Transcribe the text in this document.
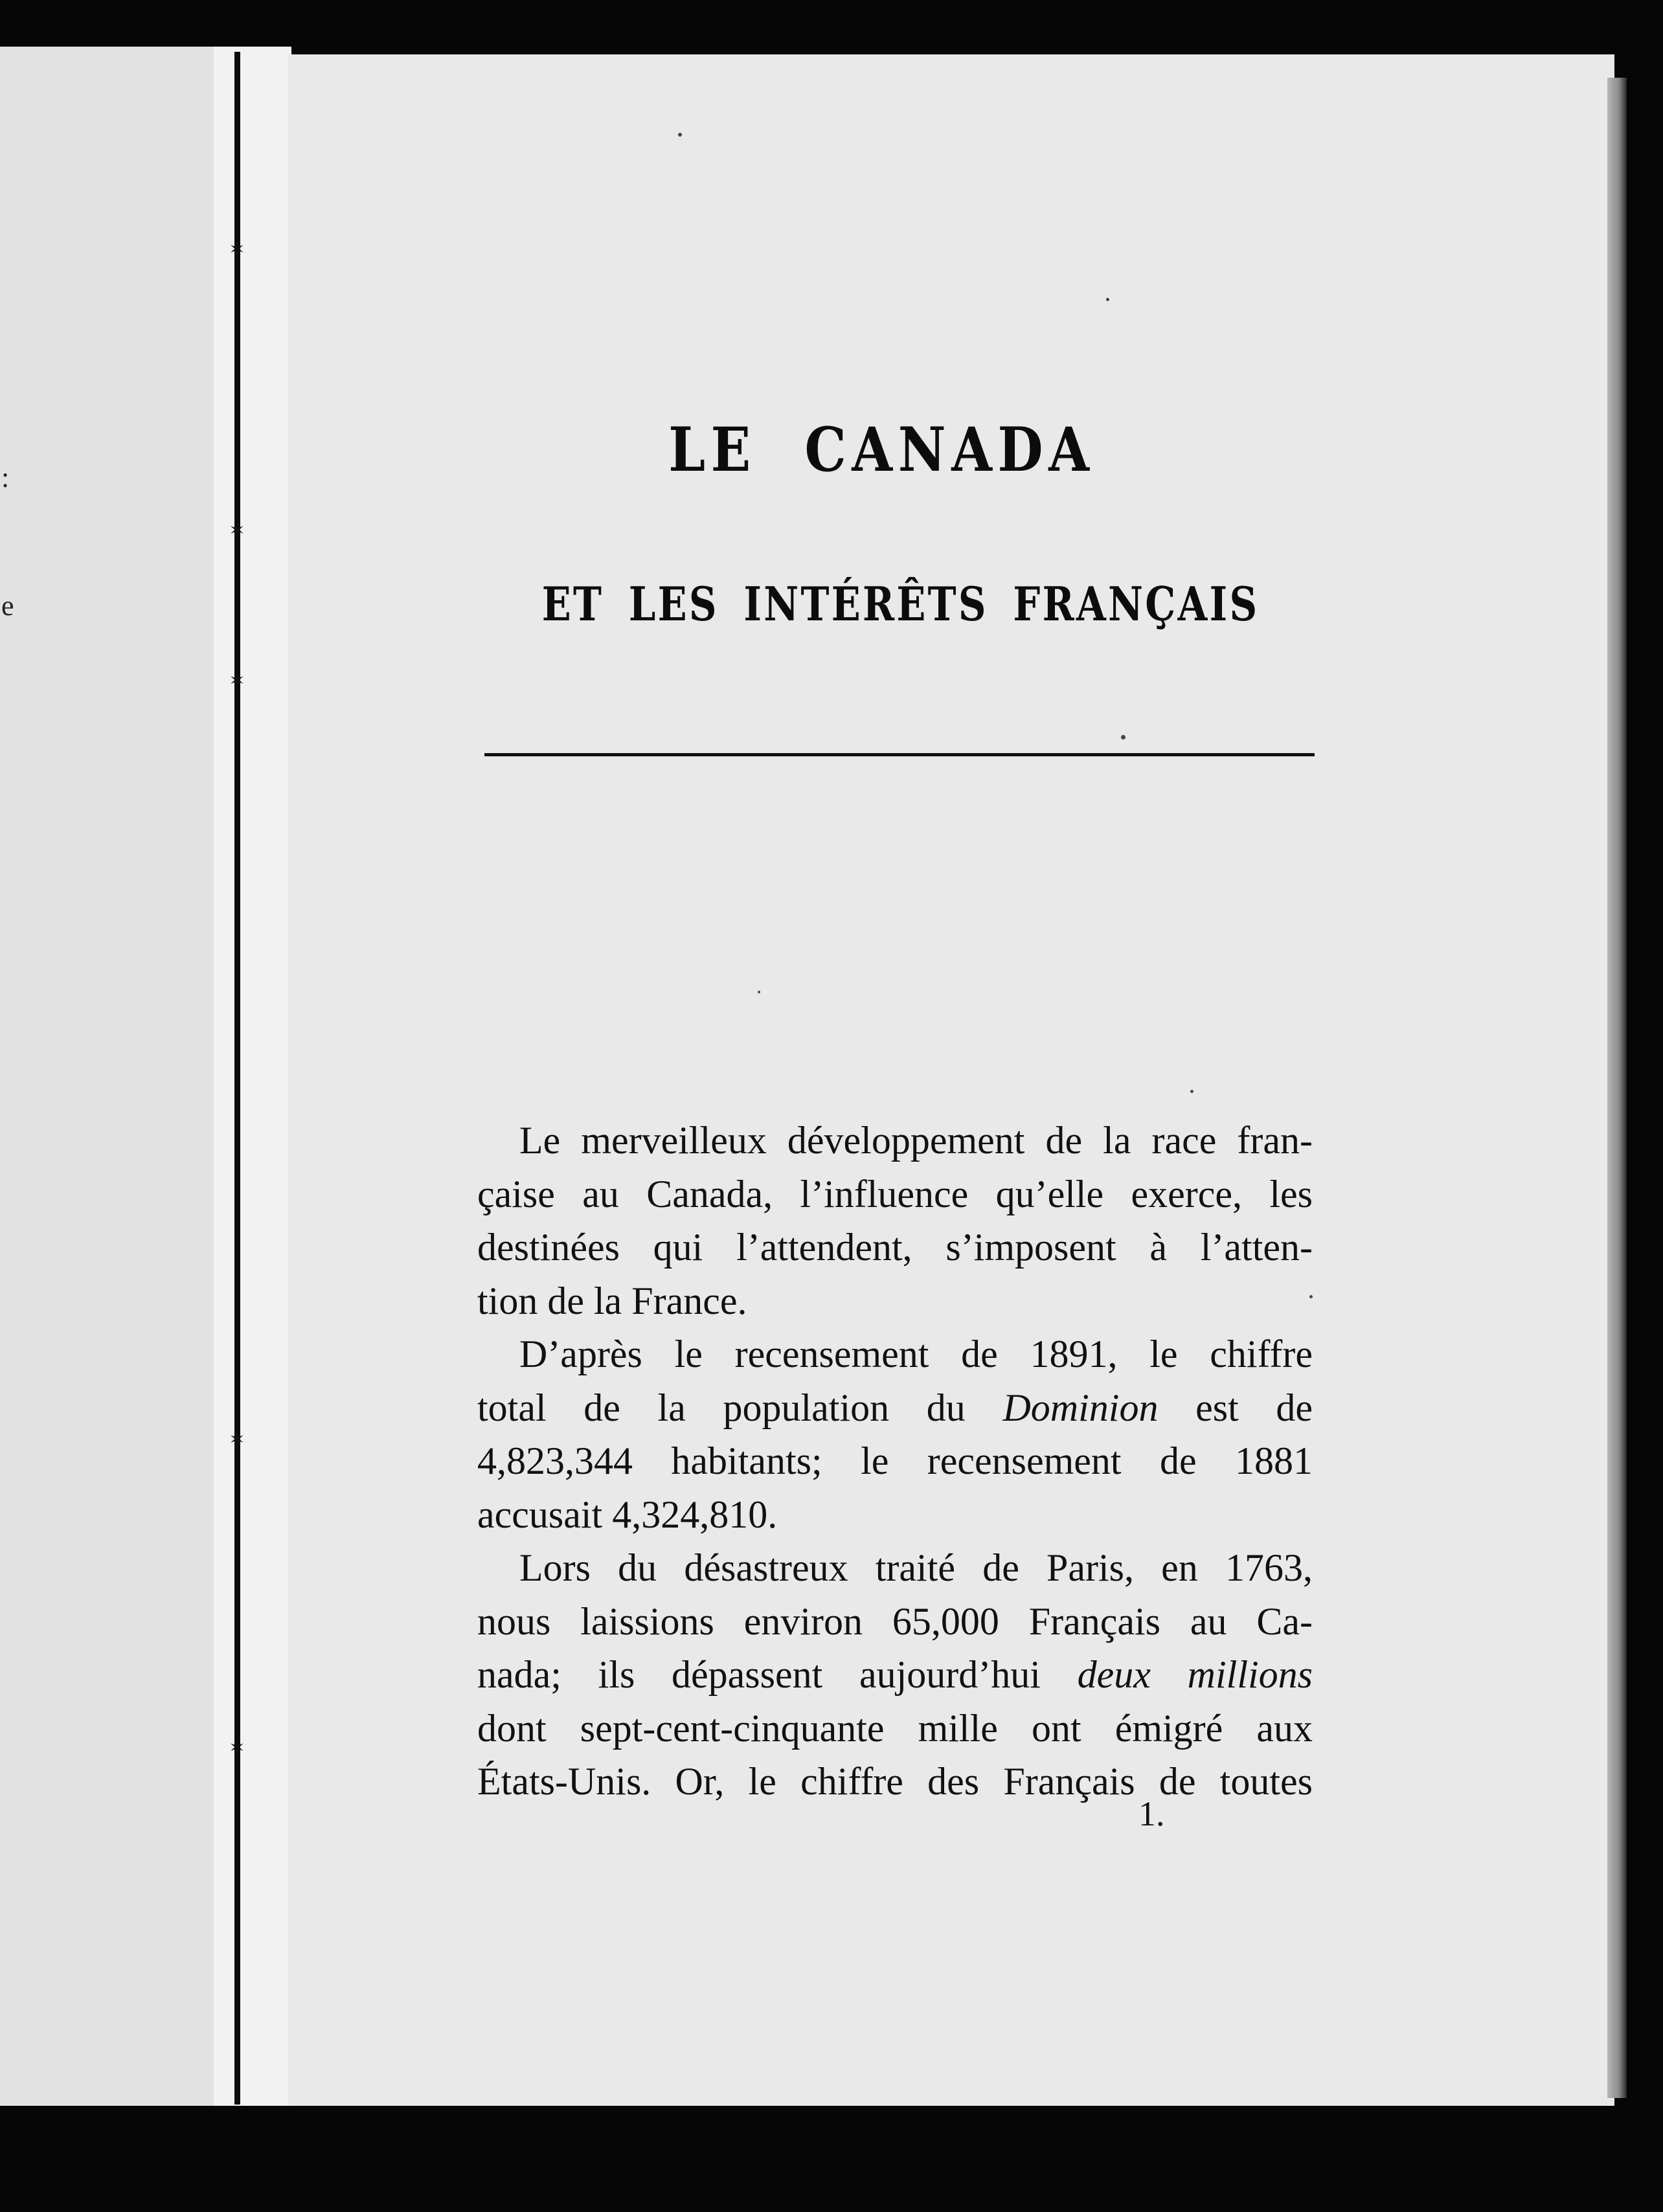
:
e
✶
✶
✶
✶
✶
LE CANADA
ET LES INTÉRÊTS FRANÇAIS
Le merveilleux développement de la race fran-
çaise au Canada, l’influence qu’elle exerce, les
destinées qui l’attendent, s’imposent à l’atten-
tion de la France.
D’après le recensement de 1891, le chiffre
total de la population du Dominion est de
4,823,344 habitants; le recensement de 1881
accusait 4,324,810.
Lors du désastreux traité de Paris, en 1763,
nous laissions environ 65,000 Français au Ca-
nada; ils dépassent aujourd’hui deux millions
dont sept-cent-cinquante mille ont émigré aux
États-Unis. Or, le chiffre des Français de toutes
1.
